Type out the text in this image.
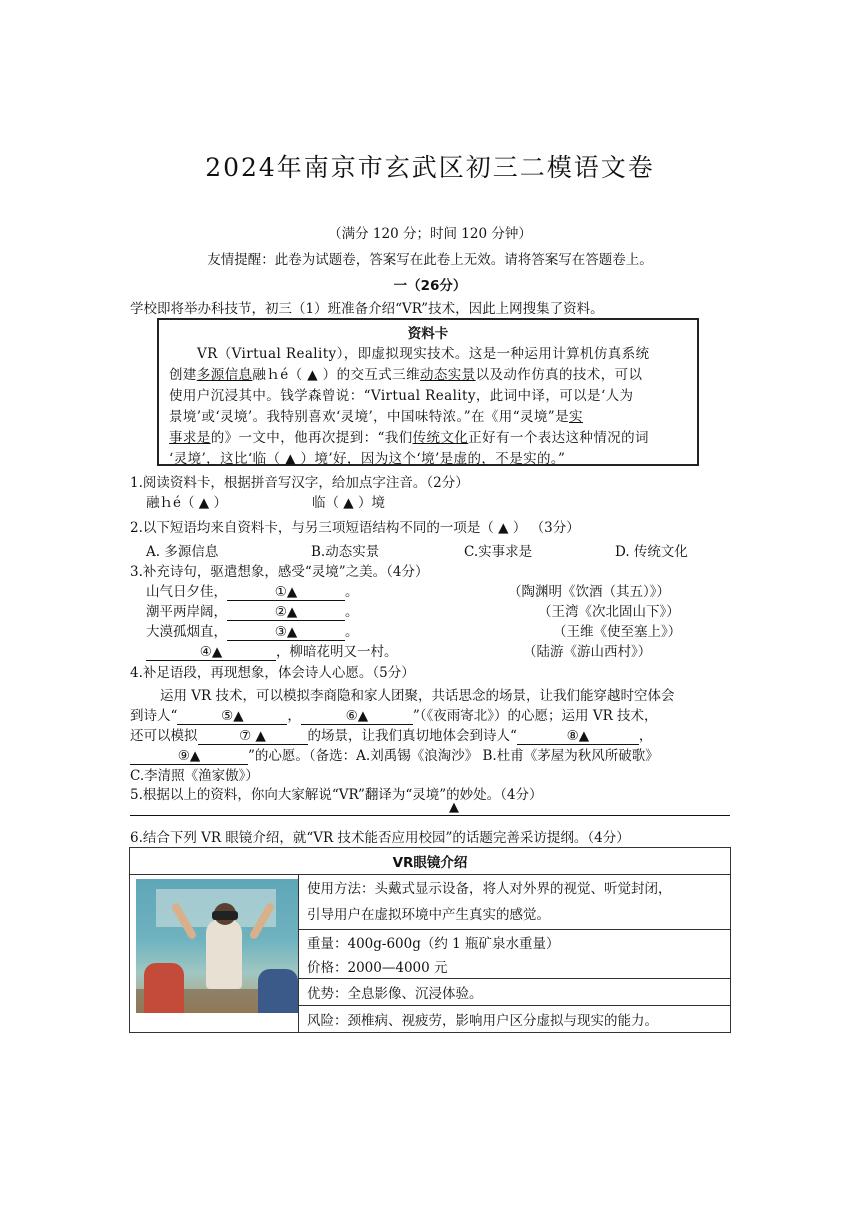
2024年南京市玄武区初三二模语文卷
（满分 120 分；时间 120 分钟）
友情提醒：此卷为试题卷，答案写在此卷上无效。请将答案写在答题卷上。
一（26分）
学校即将举办科技节，初三（1）班准备介绍“VR”技术，因此上网搜集了资料。
资料卡
VR（Virtual Reality），即虚拟现实技术。这是一种运用计算机仿真系统
创建多源信息融ｈé（ ▲ ）的交互式三维动态实景以及动作仿真的技术，可以
使用户沉浸其中。钱学森曾说：“Virtual Reality，此词中译，可以是‘人为
景境’或‘灵境’。我特别喜欢‘灵境’，中国味特浓。”在《用“灵境”是实
事求是的》一文中，他再次提到：“我们传统文化正好有一个表达这种情况的词
‘灵境’，这比‘临（ ▲ ）境’好，因为这个‘境’是虚的，不是实的。”
1.阅读资料卡，根据拼音写汉字，给加点字注音。（2分）
融ｈé（ ▲ ）	临（ ▲ ）境
2.以下短语均来自资料卡，与另三项短语结构不同的一项是（ ▲ ） （3分）
A. 多源信息	B.动态实景	C.实事求是	D. 传统文化
3.补充诗句，驱遣想象，感受“灵境”之美。（4分）
山气日夕佳，	①▲	。	（陶渊明《饮酒（其五）》）
潮平两岸阔，	②▲	。	（王湾《次北固山下》）
大漠孤烟直，	③▲	。	（王维《使至塞上》）
④▲	，柳暗花明又一村。	（陆游《游山西村》）
4.补足语段，再现想象，体会诗人心愿。（5分）
运用 VR 技术，可以模拟李商隐和家人团聚，共话思念的场景，让我们能穿越时空体会
到诗人“	⑤▲	，	⑥▲	”（《夜雨寄北》）的心愿；运用 VR 技术，
还可以模拟	⑦ ▲	的场景，让我们真切地体会到诗人“	⑧▲	，
⑨▲	”的心愿。（备选：A.刘禹锡《浪淘沙》 B.杜甫《茅屋为秋风所破歌》
C.李清照《渔家傲》）
5.根据以上的资料，你向大家解说“VR”翻译为“灵境”的妙处。（4分）
▲
6.结合下列 VR 眼镜介绍，就“VR 技术能否应用校园”的话题完善采访提纲。（4分）
VR眼镜介绍

	使用方法：头戴式显示设备，将人对外界的视觉、听觉封闭，
引导用户在虚拟环境中产生真实的感觉。
重量：400g-600g（约 1 瓶矿泉水重量）
价格：2000—4000 元
优势：全息影像、沉浸体验。
风险：颈椎病、视疲劳，影响用户区分虚拟与现实的能力。
